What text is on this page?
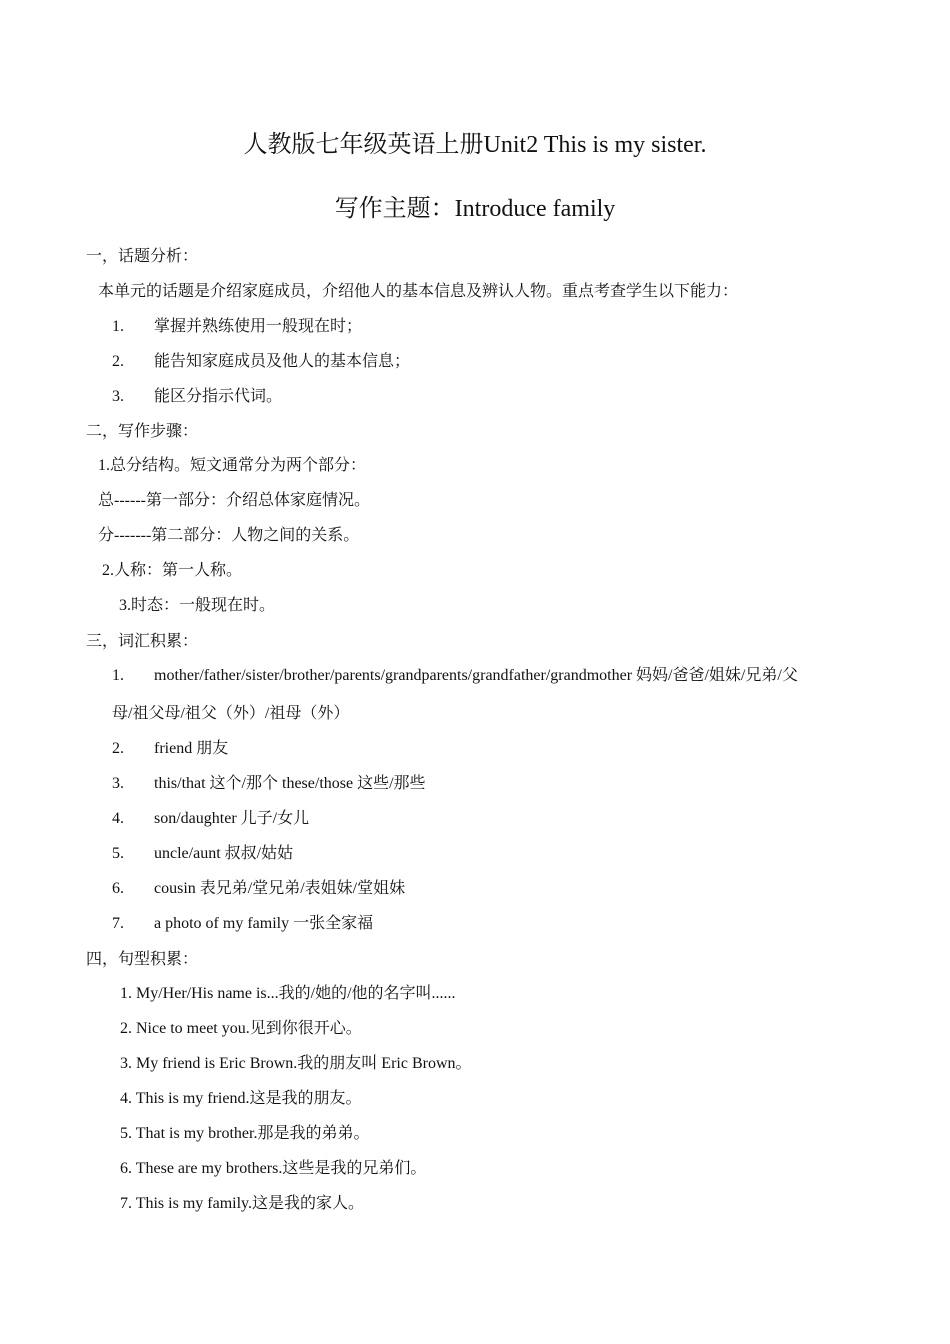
人教版七年级英语上册Unit2 This is my sister.
写作主题：Introduce family
一，话题分析：
本单元的话题是介绍家庭成员，介绍他人的基本信息及辨认人物。重点考查学生以下能力：
1. 掌握并熟练使用一般现在时；
2. 能告知家庭成员及他人的基本信息；
3. 能区分指示代词。
二，写作步骤：
1.总分结构。短文通常分为两个部分：
总------第一部分：介绍总体家庭情况。
分-------第二部分：人物之间的关系。
2.人称：第一人称。
3.时态：一般现在时。
三，词汇积累：
1. mother/father/sister/brother/parents/grandparents/grandfather/grandmother 妈妈/爸爸/姐妹/兄弟/父
母/祖父母/祖父（外）/祖母（外）
2. friend 朋友
3. this/that 这个/那个 these/those 这些/那些
4. son/daughter 儿子/女儿
5. uncle/aunt 叔叔/姑姑
6. cousin 表兄弟/堂兄弟/表姐妹/堂姐妹
7. a photo of my family 一张全家福
四，句型积累：
1. My/Her/His name is...我的/她的/他的名字叫......
2. Nice to meet you.见到你很开心。
3. My friend is Eric Brown.我的朋友叫 Eric Brown。
4. This is my friend.这是我的朋友。
5. That is my brother.那是我的弟弟。
6. These are my brothers.这些是我的兄弟们。
7. This is my family.这是我的家人。
